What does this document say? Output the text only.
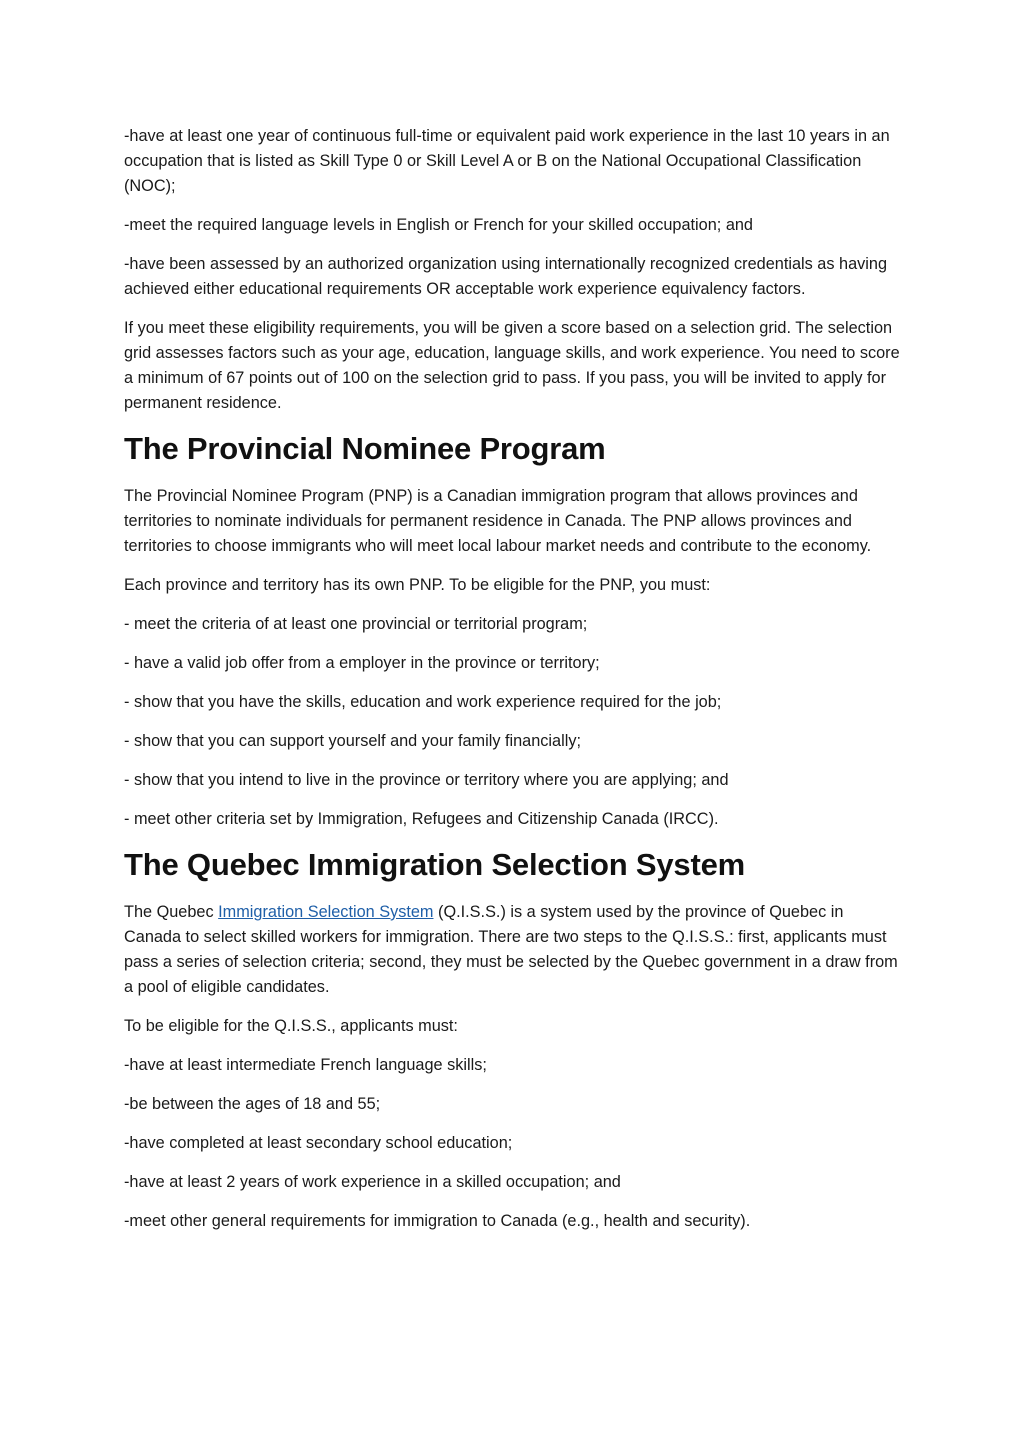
-have at least one year of continuous full-time or equivalent paid work experience in the last 10 years in an occupation that is listed as Skill Type 0 or Skill Level A or B on the National Occupational Classification (NOC);

-meet the required language levels in English or French for your skilled occupation; and

-have been assessed by an authorized organization using internationally recognized credentials as having achieved either educational requirements OR acceptable work experience equivalency factors.

If you meet these eligibility requirements, you will be given a score based on a selection grid. The selection grid assesses factors such as your age, education, language skills, and work experience. You need to score a minimum of 67 points out of 100 on the selection grid to pass. If you pass, you will be invited to apply for permanent residence.

The Provincial Nominee Program

The Provincial Nominee Program (PNP) is a Canadian immigration program that allows provinces and territories to nominate individuals for permanent residence in Canada. The PNP allows provinces and territories to choose immigrants who will meet local labour market needs and contribute to the economy.

Each province and territory has its own PNP. To be eligible for the PNP, you must:

- meet the criteria of at least one provincial or territorial program;

- have a valid job offer from a employer in the province or territory;

- show that you have the skills, education and work experience required for the job;

- show that you can support yourself and your family financially;

- show that you intend to live in the province or territory where you are applying; and

- meet other criteria set by Immigration, Refugees and Citizenship Canada (IRCC).

The Quebec Immigration Selection System

The Quebec Immigration Selection System (Q.I.S.S.) is a system used by the province of Quebec in Canada to select skilled workers for immigration. There are two steps to the Q.I.S.S.: first, applicants must pass a series of selection criteria; second, they must be selected by the Quebec government in a draw from a pool of eligible candidates.

To be eligible for the Q.I.S.S., applicants must:

-have at least intermediate French language skills;

-be between the ages of 18 and 55;

-have completed at least secondary school education;

-have at least 2 years of work experience in a skilled occupation; and

-meet other general requirements for immigration to Canada (e.g., health and security).
